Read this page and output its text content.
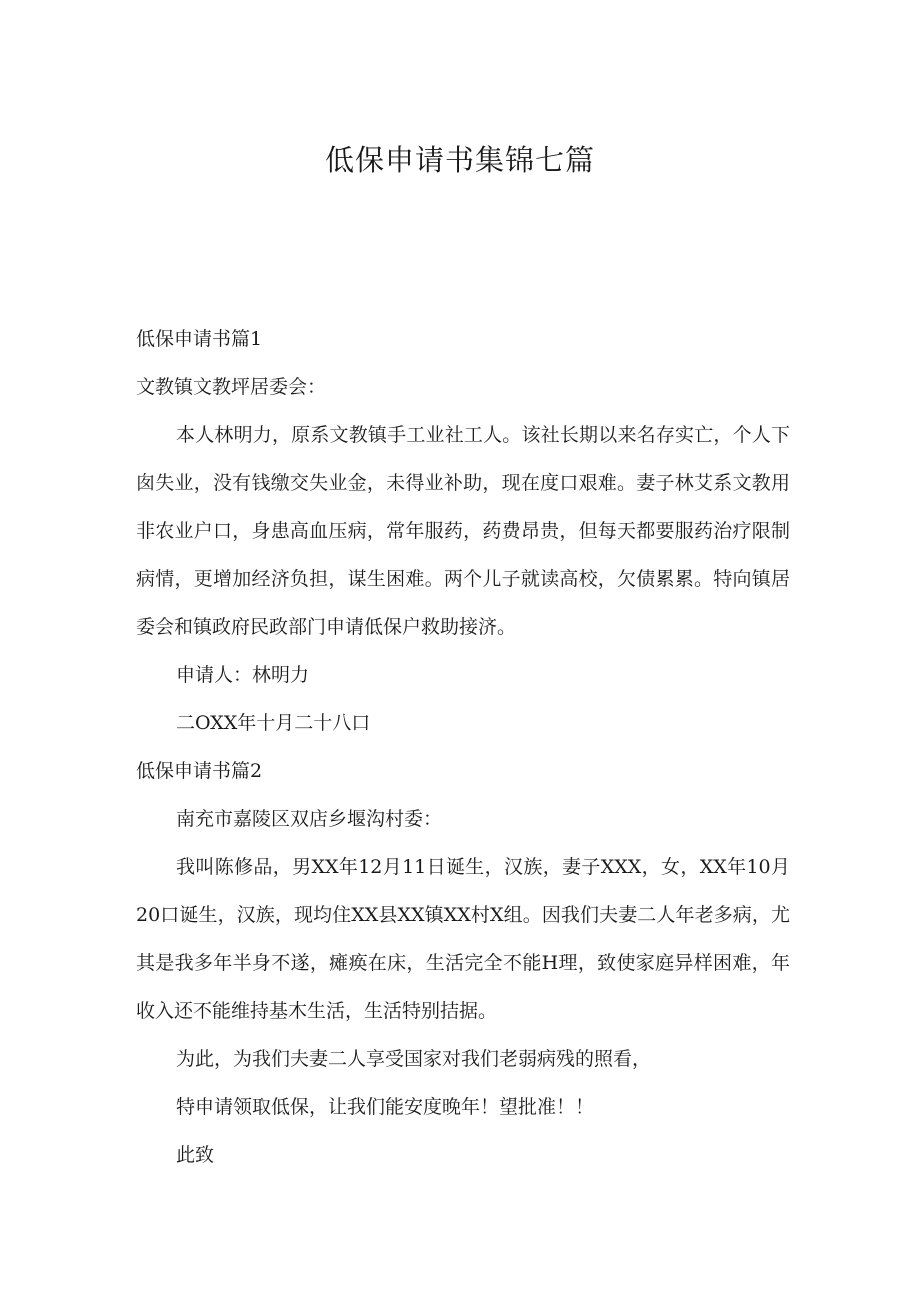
低保申请书集锦七篇

低保申请书篇1

文教镇文教坪居委会：

本人林明力，原系文教镇手工业社工人。该社长期以来名存实亡，个人下囱失业，没有钱缴交失业金，未得业补助，现在度口艰难。妻子林艾系文教用非农业户口，身患高血压病，常年服药，药费昂贵，但每天都要服药治疗限制病情，更增加经济负担，谋生困难。两个儿子就读高校，欠债累累。特向镇居委会和镇政府民政部门申请低保户救助接济。

申请人：林明力

二OXX年十月二十八口

低保申请书篇2

南充市嘉陵区双店乡堰沟村委：

我叫陈修品，男XX年12月11日诞生，汉族，妻子XXX，女，XX年10月20口诞生，汉族，现均住XX县XX镇XX村X组。因我们夫妻二人年老多病，尤其是我多年半身不遂，瘫痪在床，生活完全不能H理，致使家庭异样困难，年收入还不能维持基木生活，生活特别拮据。

为此，为我们夫妻二人享受国家对我们老弱病残的照看，

特申请领取低保，让我们能安度晚年！望批准！！

此致
